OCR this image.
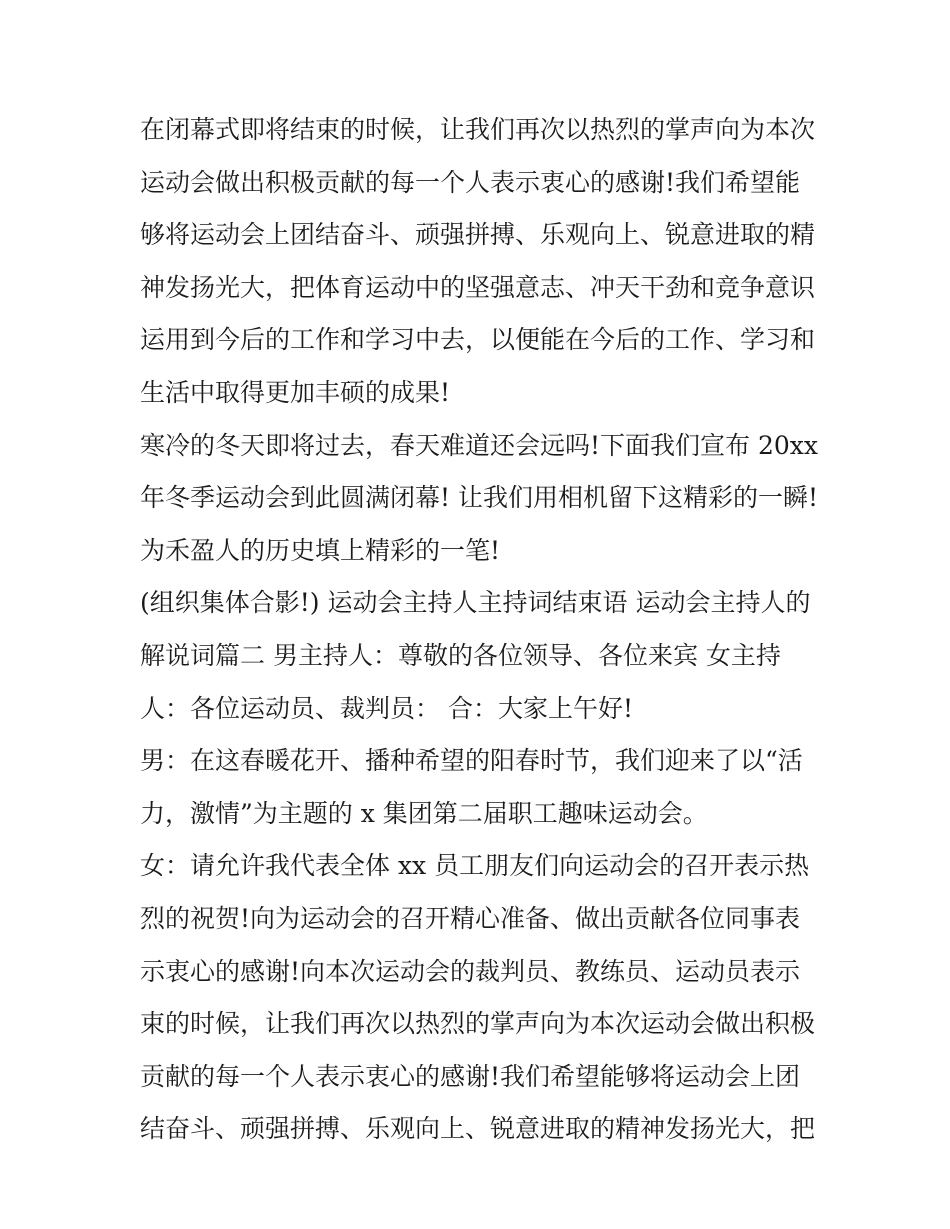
在闭幕式即将结束的时候，让我们再次以热烈的掌声向为本次
运动会做出积极贡献的每一个人表示衷心的感谢!我们希望能
够将运动会上团结奋斗、顽强拼搏、乐观向上、锐意进取的精
神发扬光大，把体育运动中的坚强意志、冲天干劲和竞争意识
运用到今后的工作和学习中去，以便能在今后的工作、学习和
生活中取得更加丰硕的成果!
寒冷的冬天即将过去，春天难道还会远吗!下面我们宣布 20xx
年冬季运动会到此圆满闭幕! 让我们用相机留下这精彩的一瞬!
为禾盈人的历史填上精彩的一笔!
(组织集体合影!) 运动会主持人主持词结束语 运动会主持人的
解说词篇二 男主持人：尊敬的各位领导、各位来宾 女主持
人：各位运动员、裁判员： 合：大家上午好!
男：在这春暖花开、播种希望的阳春时节，我们迎来了以“活
力，激情”为主题的 x 集团第二届职工趣味运动会。
女：请允许我代表全体 xx 员工朋友们向运动会的召开表示热
烈的祝贺!向为运动会的召开精心准备、做出贡献各位同事表
示衷心的感谢!向本次运动会的裁判员、教练员、运动员表示
束的时候，让我们再次以热烈的掌声向为本次运动会做出积极
贡献的每一个人表示衷心的感谢!我们希望能够将运动会上团
结奋斗、顽强拼搏、乐观向上、锐意进取的精神发扬光大，把
